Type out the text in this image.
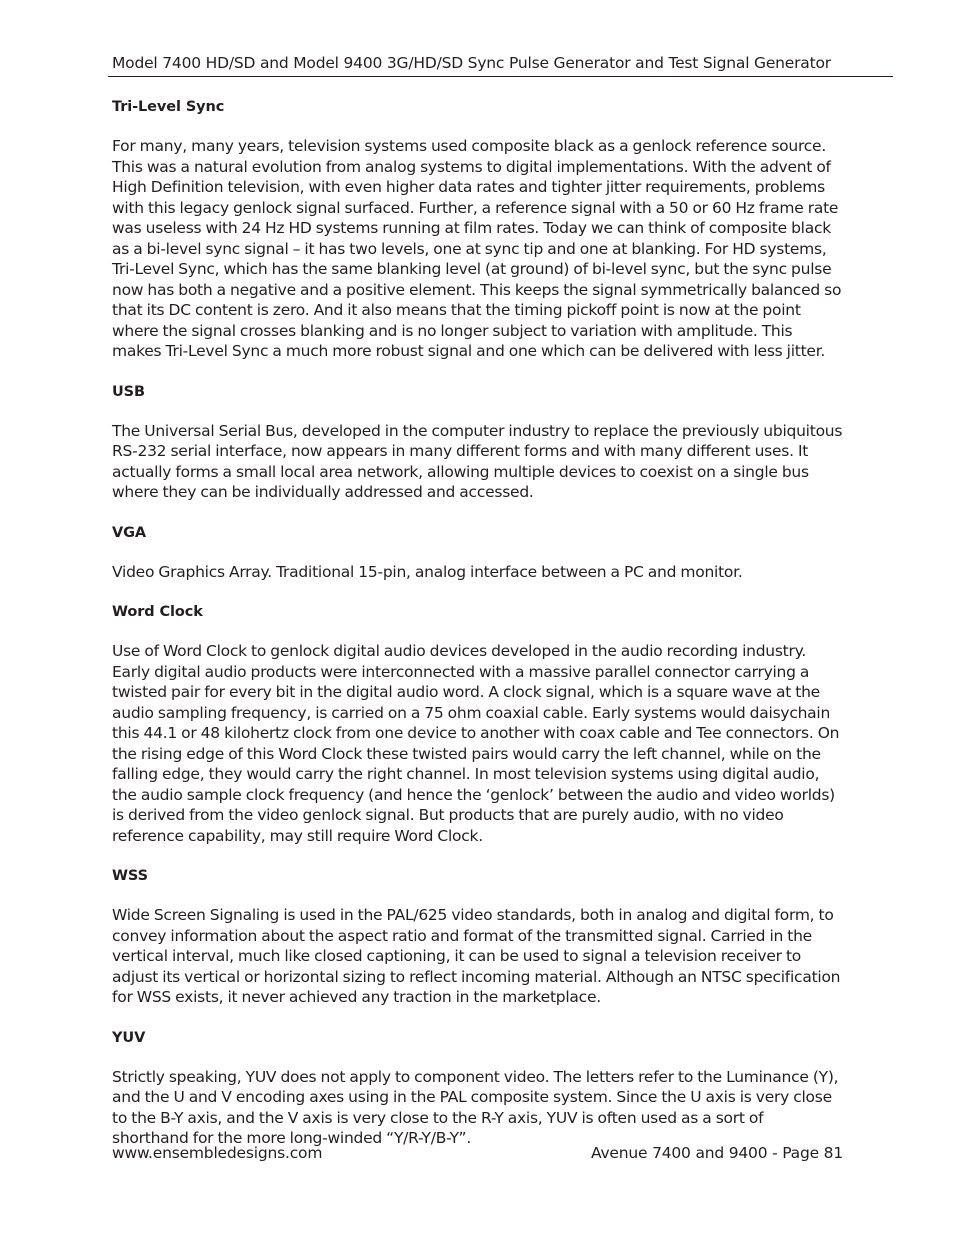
Model 7400 HD/SD and Model 9400 3G/HD/SD Sync Pulse Generator and Test Signal Generator
Tri-Level Sync

For many, many years, television systems used composite black as a genlock reference source. This was a natural evolution from analog systems to digital implementations. With the advent of High Definition television, with even higher data rates and tighter jitter requirements, problems with this legacy genlock signal surfaced. Further, a reference signal with a 50 or 60 Hz frame rate was useless with 24 Hz HD systems running at film rates. Today we can think of composite black as a bi-level sync signal – it has two levels, one at sync tip and one at blanking. For HD systems, Tri-Level Sync, which has the same blanking level (at ground) of bi-level sync, but the sync pulse now has both a negative and a positive element. This keeps the signal symmetrically balanced so that its DC content is zero. And it also means that the timing pickoff point is now at the point where the signal crosses blanking and is no longer subject to variation with amplitude. This makes Tri-Level Sync a much more robust signal and one which can be delivered with less jitter.

USB

The Universal Serial Bus, developed in the computer industry to replace the previously ubiquitous RS-232 serial interface, now appears in many different forms and with many different uses. It actually forms a small local area network, allowing multiple devices to coexist on a single bus where they can be individually addressed and accessed.

VGA

Video Graphics Array. Traditional 15-pin, analog interface between a PC and monitor.

Word Clock

Use of Word Clock to genlock digital audio devices developed in the audio recording industry. Early digital audio products were interconnected with a massive parallel connector carrying a twisted pair for every bit in the digital audio word. A clock signal, which is a square wave at the audio sampling frequency, is carried on a 75 ohm coaxial cable. Early systems would daisychain this 44.1 or 48 kilohertz clock from one device to another with coax cable and Tee connectors. On the rising edge of this Word Clock these twisted pairs would carry the left channel, while on the falling edge, they would carry the right channel. In most television systems using digital audio, the audio sample clock frequency (and hence the ‘genlock’ between the audio and video worlds) is derived from the video genlock signal. But products that are purely audio, with no video reference capability, may still require Word Clock.

WSS

Wide Screen Signaling is used in the PAL/625 video standards, both in analog and digital form, to convey information about the aspect ratio and format of the transmitted signal. Carried in the vertical interval, much like closed captioning, it can be used to signal a television receiver to adjust its vertical or horizontal sizing to reflect incoming material. Although an NTSC specification for WSS exists, it never achieved any traction in the marketplace.

YUV

Strictly speaking, YUV does not apply to component video. The letters refer to the Luminance (Y), and the U and V encoding axes using in the PAL composite system. Since the U axis is very close to the B-Y axis, and the V axis is very close to the R-Y axis, YUV is often used as a sort of shorthand for the more long-winded “Y/R-Y/B-Y”.

www.ensembledesigns.com	Avenue 7400 and 9400 - Page 81
